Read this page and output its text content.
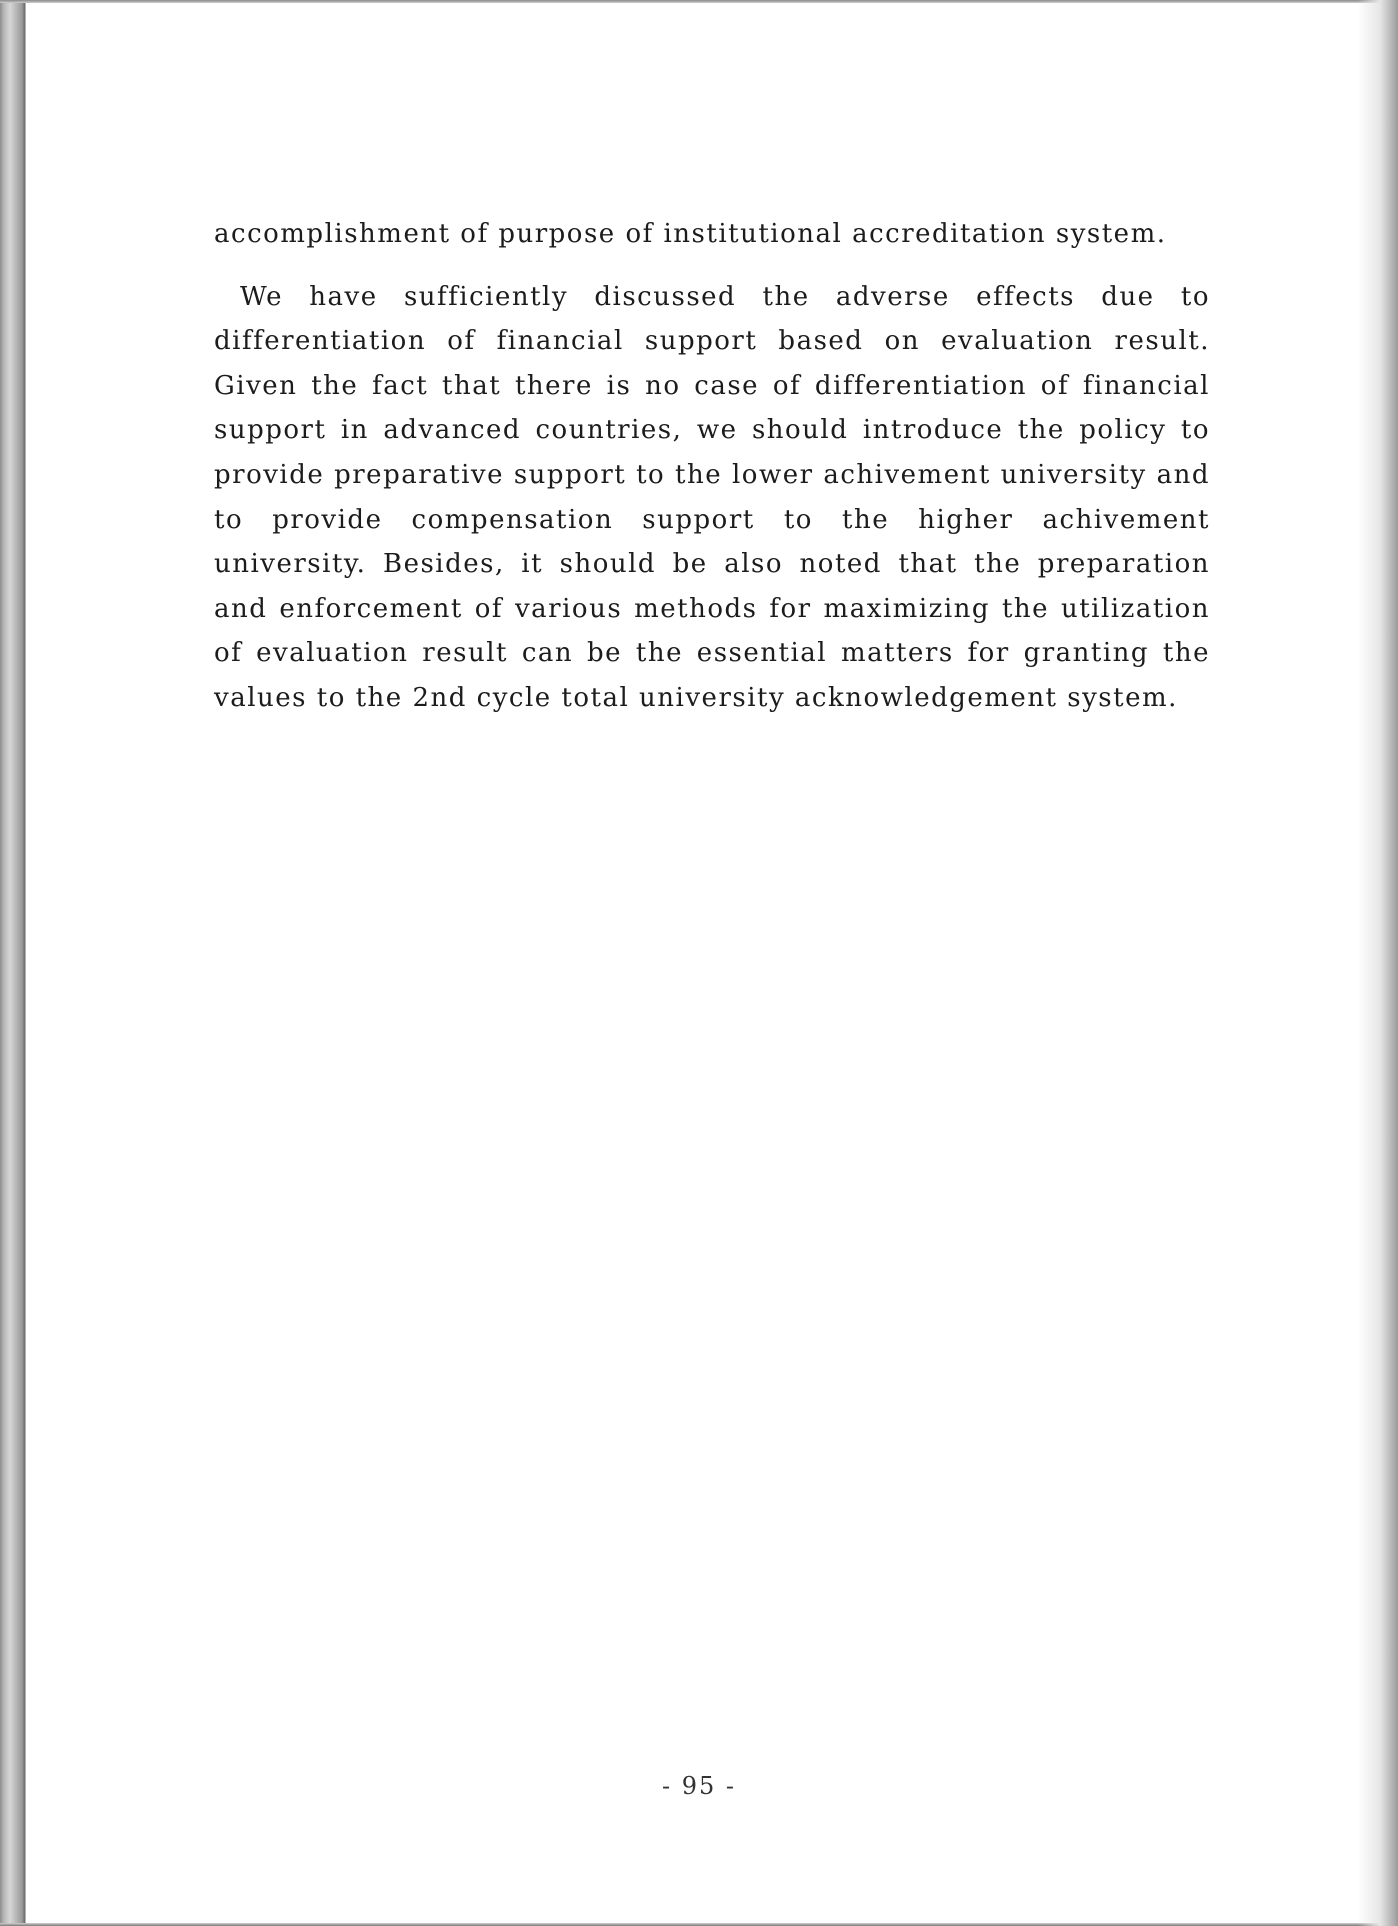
accomplishment of purpose of institutional accreditation system.

We have sufficiently discussed the adverse effects due to differentiation of financial support based on evaluation result. Given the fact that there is no case of differentiation of financial support in advanced countries, we should introduce the policy to provide preparative support to the lower achivement university and to provide compensation support to the higher achivement university. Besides, it should be also noted that the preparation and enforcement of various methods for maximizing the utilization of evaluation result can be the essential matters for granting the values to the 2nd cycle total university acknowledgement system.

- 95 -
